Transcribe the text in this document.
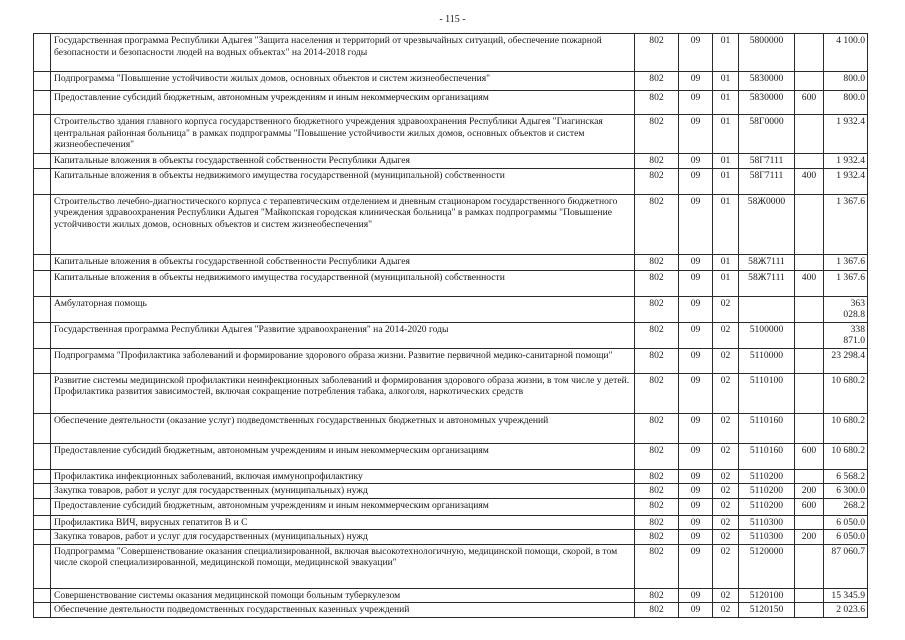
- 115 -
	Государственная программа Республики Адыгея "Защита населения и территорий от чрезвычайных ситуаций, обеспечение пожарной безопасности и безопасности людей на водных объектах" на 2014-2018 годы	802	09	01	5800000		4 100.0
	Подпрограмма "Повышение устойчивости жилых домов, основных объектов и систем жизнеобеспечения"	802	09	01	5830000		800.0
	Предоставление субсидий бюджетным, автономным учреждениям и иным некоммерческим организациям	802	09	01	5830000	600	800.0
	Строительство здания главного корпуса государственного бюджетного учреждения здравоохранения Республики Адыгея "Гиагинская центральная районная больница" в рамках подпрограммы "Повышение устойчивости жилых домов, основных объектов и систем жизнеобеспечения"	802	09	01	58Г0000		1 932.4
	Капитальные вложения в объекты государственной собственности Республики Адыгея	802	09	01	58Г7111		1 932.4
	Капитальные вложения в объекты недвижимого имущества государственной (муниципальной) собственности	802	09	01	58Г7111	400	1 932.4
	Строительство лечебно-диагностического корпуса с терапевтическим отделением и дневным стационаром государственного бюджетного учреждения здравоохранения Республики Адыгея "Майкопская городская клиническая больница" в рамках подпрограммы "Повышение устойчивости жилых домов, основных объектов и систем жизнеобеспечения"	802	09	01	58Ж0000		1 367.6
	Капитальные вложения в объекты государственной собственности Республики Адыгея	802	09	01	58Ж7111		1 367.6
	Капитальные вложения в объекты недвижимого имущества государственной (муниципальной) собственности	802	09	01	58Ж7111	400	1 367.6
	Амбулаторная помощь	802	09	02			363 028.8
	Государственная программа Республики Адыгея "Развитие здравоохранения" на 2014-2020 годы	802	09	02	5100000		338 871.0
	Подпрограмма "Профилактика заболеваний и формирование здорового образа жизни. Развитие первичной медико-санитарной помощи"	802	09	02	5110000		23 298.4
	Развитие системы медицинской профилактики неинфекционных заболеваний и формирования здорового образа жизни, в том числе у детей. Профилактика развития зависимостей, включая сокращение потребления табака, алкоголя, наркотических средств	802	09	02	5110100		10 680.2
	Обеспечение деятельности (оказание услуг) подведомственных государственных бюджетных и автономных учреждений	802	09	02	5110160		10 680.2
	Предоставление субсидий бюджетным, автономным учреждениям и иным некоммерческим организациям	802	09	02	5110160	600	10 680.2
	Профилактика инфекционных заболеваний, включая иммунопрофилактику	802	09	02	5110200		6 568.2
	Закупка товаров, работ и услуг для государственных (муниципальных) нужд	802	09	02	5110200	200	6 300.0
	Предоставление субсидий бюджетным, автономным учреждениям и иным некоммерческим организациям	802	09	02	5110200	600	268.2
	Профилактика ВИЧ, вирусных гепатитов В и С	802	09	02	5110300		6 050.0
	Закупка товаров, работ и услуг для государственных (муниципальных) нужд	802	09	02	5110300	200	6 050.0
	Подпрограмма "Совершенствование оказания специализированной, включая высокотехнологичную, медицинской помощи, скорой, в том числе скорой специализированной, медицинской помощи, медицинской эвакуации"	802	09	02	5120000		87 060.7
	Совершенствование системы оказания медицинской помощи больным туберкулезом	802	09	02	5120100		15 345.9
	Обеспечение деятельности подведомственных государственных казенных учреждений	802	09	02	5120150		2 023.6
